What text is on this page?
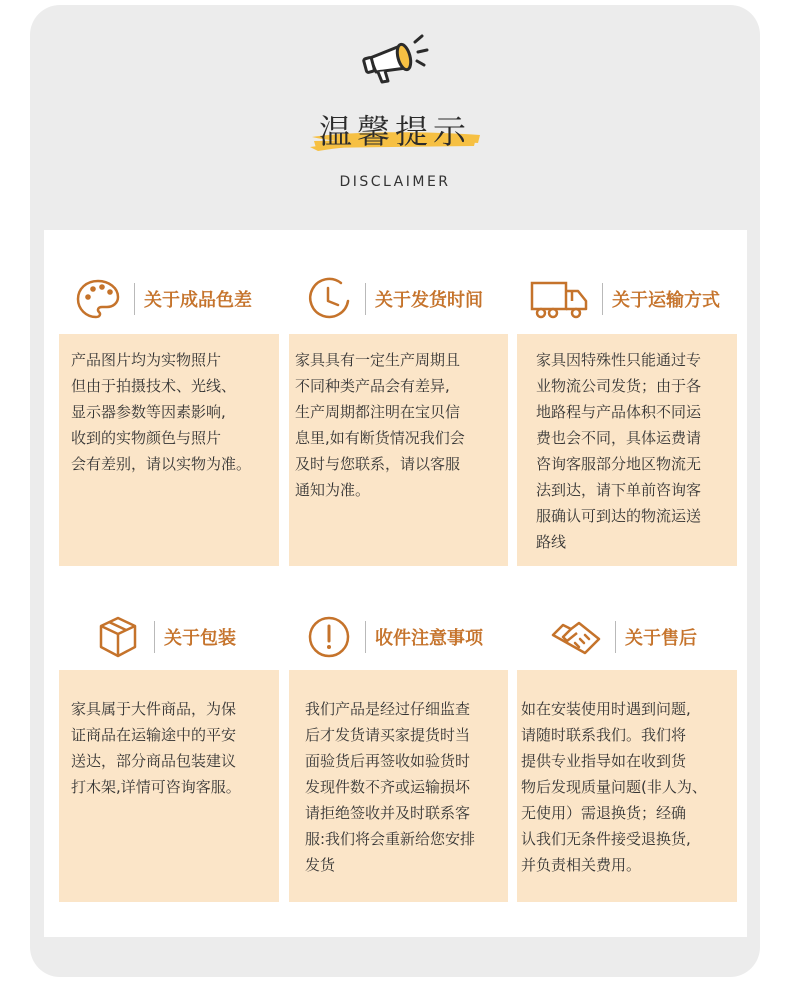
温馨提示
DISCLAIMER
关于成品色差

产品图片均为实物照片
但由于拍摄技术、光线、
显示器参数等因素影响,
收到的实物颜色与照片
会有差别，请以实物为准。

关于发货时间

家具具有一定生产周期且
不同种类产品会有差异,
生产周期都注明在宝贝信
息里,如有断货情况我们会
及时与您联系，请以客服
通知为准。

关于运输方式

家具因特殊性只能通过专
业物流公司发货；由于各
地路程与产品体积不同运
费也会不同，具体运费请
咨询客服部分地区物流无
法到达，请下单前咨询客
服确认可到达的物流运送
路线

关于包装

家具属于大件商品，为保
证商品在运输途中的平安
送达，部分商品包装建议
打木架,详情可咨询客服。

收件注意事项

我们产品是经过仔细监查
后才发货请买家提货时当
面验货后再签收如验货时
发现件数不齐或运输损坏
请拒绝签收并及时联系客
服:我们将会重新给您安排
发货

关于售后

如在安装使用时遇到问题,
请随时联系我们。我们将
提供专业指导如在收到货
物后发现质量问题(非人为、
无使用）需退换货；经确
认我们无条件接受退换货,
并负责相关费用。
